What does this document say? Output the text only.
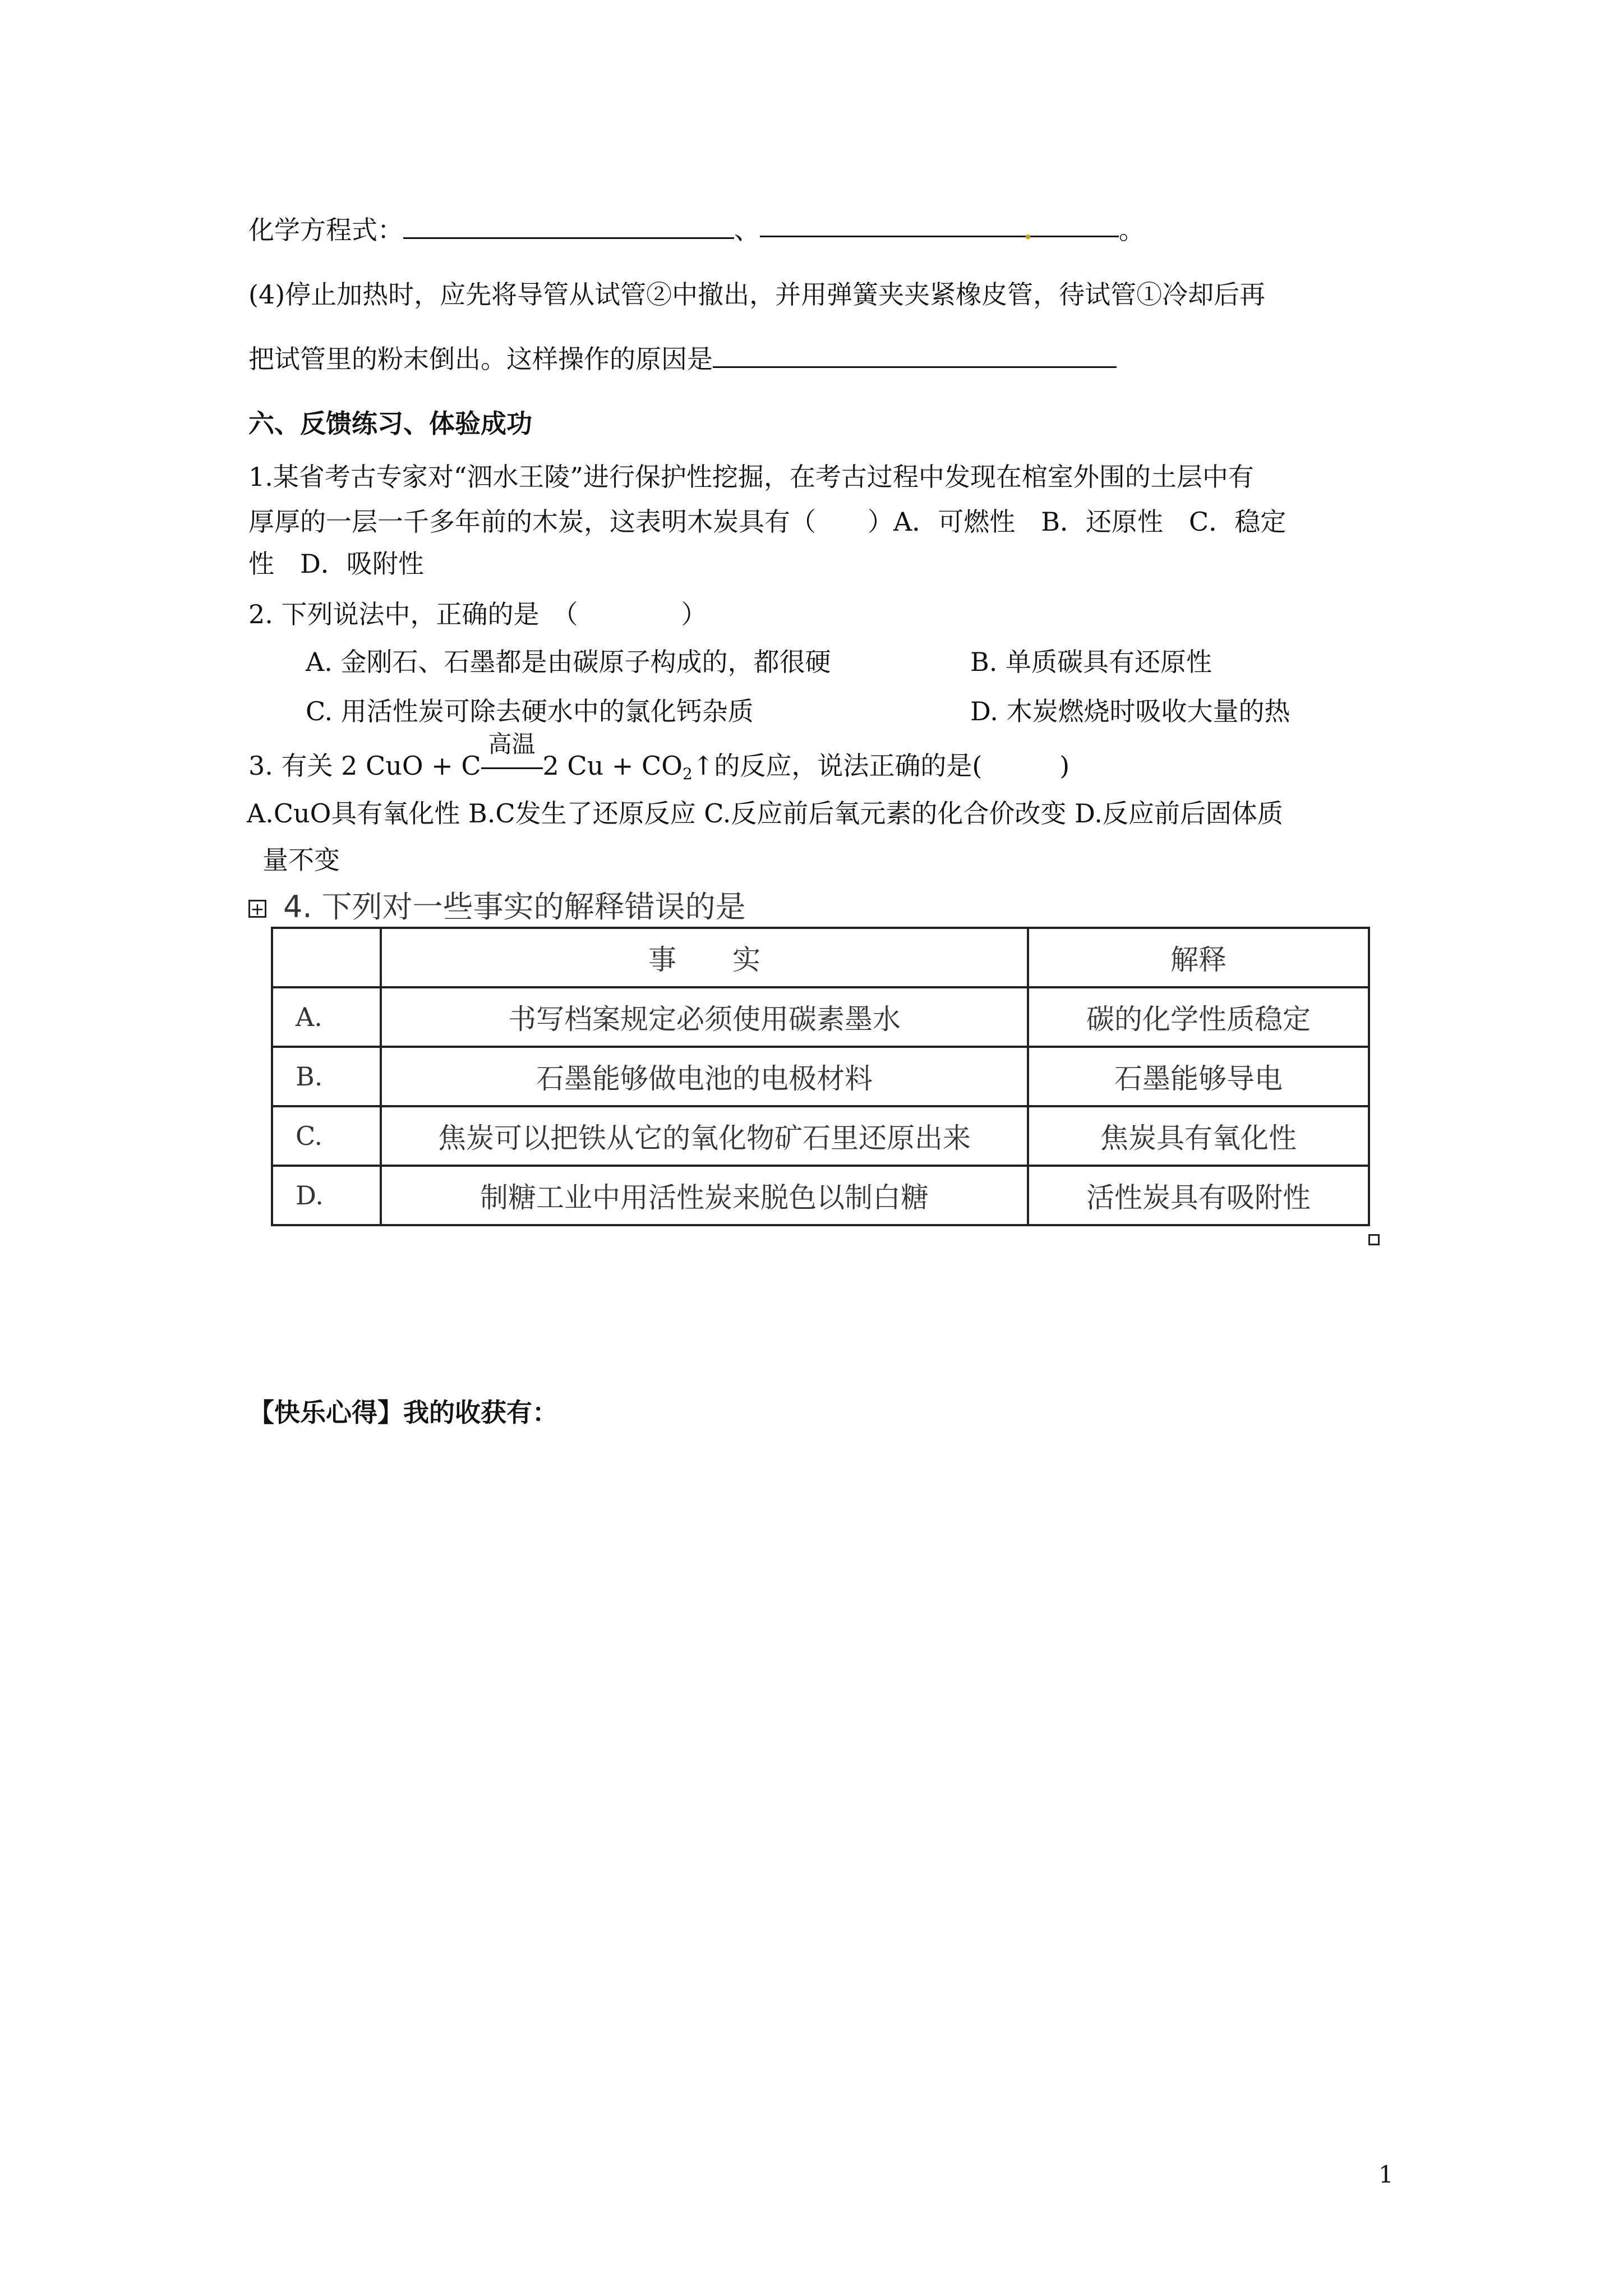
化学方程式：	、	.	。
(4)停止加热时，应先将导管从试管②中撤出，并用弹簧夹夹紧橡皮管，待试管①冷却后再
把试管里的粉末倒出。这样操作的原因是
六、反馈练习、体验成功
1.某省考古专家对“泗水王陵”进行保护性挖掘，在考古过程中发现在棺室外围的土层中有
厚厚的一层一千多年前的木炭，这表明木炭具有（　　）A．可燃性　B．还原性　C．稳定
性　D．吸附性
2. 下列说法中，正确的是　（　　　　）
A. 金刚石、石墨都是由碳原子构成的，都很硬	B. 单质碳具有还原性
C. 用活性炭可除去硬水中的氯化钙杂质	D. 木炭燃烧时吸收大量的热
3. 有关 2 CuO + C
高温
2 $Cu + CO_2↑$的反应，说法正确的是(　　　)
A.CuO具有氧化性 B.C发生了还原反应 C.反应前后氧元素的化合价改变 D.反应前后固体质
量不变
+ 4. 下列对一些事实的解释错误的是
	事　　实	解释
A.	书写档案规定必须使用碳素墨水	碳的化学性质稳定
B.	石墨能够做电池的电极材料	石墨能够导电
C.	焦炭可以把铁从它的氧化物矿石里还原出来	焦炭具有氧化性
D.	制糖工业中用活性炭来脱色以制白糖	活性炭具有吸附性
【快乐心得】我的收获有：
1
